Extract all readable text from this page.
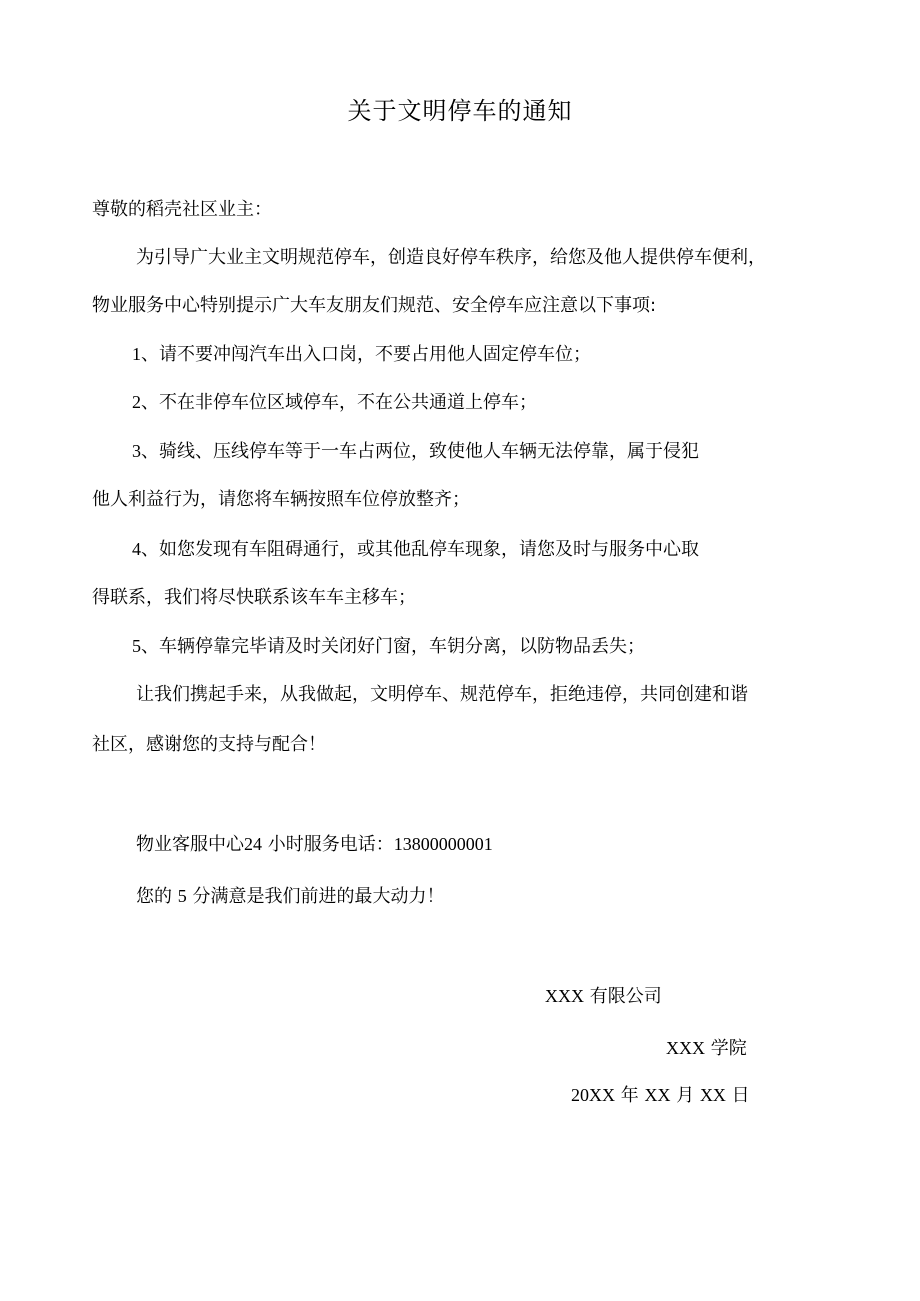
关于文明停车的通知
尊敬的稻壳社区业主：
为引导广大业主文明规范停车，创造良好停车秩序，给您及他人提供停车便利，
物业服务中心特别提示广大车友朋友们规范、安全停车应注意以下事项:
1、请不要冲闯汽车出入口岗，不要占用他人固定停车位；
2、不在非停车位区域停车，不在公共通道上停车；
3、骑线、压线停车等于一车占两位，致使他人车辆无法停靠，属于侵犯
他人利益行为，请您将车辆按照车位停放整齐；
4、如您发现有车阻碍通行，或其他乱停车现象，请您及时与服务中心取
得联系，我们将尽快联系该车车主移车；
5、车辆停靠完毕请及时关闭好门窗，车钥分离，以防物品丢失；
让我们携起手来，从我做起，文明停车、规范停车，拒绝违停，共同创建和谐
社区，感谢您的支持与配合！
物业客服中心24 小时服务电话：13800000001
您的 5 分满意是我们前进的最大动力！
XXX 有限公司
XXX 学院
20XX 年 XX 月 XX 日
